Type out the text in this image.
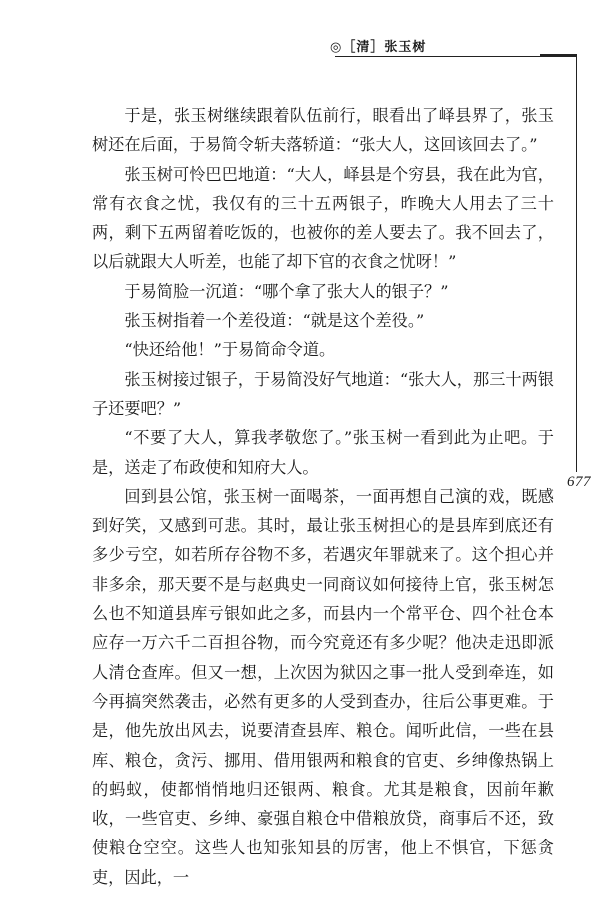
◎［清］张玉树
677

于是，张玉树继续跟着队伍前行，眼看出了峄县界了，张玉树还在后面，于易简令斩夫落轿道：“张大人，这回该回去了。”

张玉树可怜巴巴地道：“大人，峄县是个穷县，我在此为官，常有衣食之忧，我仅有的三十五两银子，昨晚大人用去了三十两，剩下五两留着吃饭的，也被你的差人要去了。我不回去了，以后就跟大人听差，也能了却下官的衣食之忧呀！”

于易简脸一沉道：“哪个拿了张大人的银子？”

张玉树指着一个差役道：“就是这个差役。”

“快还给他！”于易简命令道。

张玉树接过银子，于易简没好气地道：“张大人，那三十两银子还要吧？”

“不要了大人，算我孝敬您了。”张玉树一看到此为止吧。于是，送走了布政使和知府大人。

回到县公馆，张玉树一面喝茶，一面再想自己演的戏，既感到好笑，又感到可悲。其时，最让张玉树担心的是县库到底还有多少亏空，如若所存谷物不多，若遇灾年罪就来了。这个担心并非多余，那天要不是与赵典史一同商议如何接待上官，张玉树怎么也不知道县库亏银如此之多，而县内一个常平仓、四个社仓本应存一万六千二百担谷物，而今究竟还有多少呢？他决走迅即派人清仓查库。但又一想，上次因为狱囚之事一批人受到牵连，如今再搞突然袭击，必然有更多的人受到查办，往后公事更难。于是，他先放出风去，说要清查县库、粮仓。闻听此信，一些在县库、粮仓，贪污、挪用、借用银两和粮食的官吏、乡绅像热锅上的蚂蚁，使都悄悄地归还银两、粮食。尤其是粮食，因前年歉收，一些官吏、乡绅、豪强自粮仓中借粮放贷，商事后不还，致使粮仓空空。这些人也知张知县的厉害，他上不惧官，下惩贪吏，因此，一
